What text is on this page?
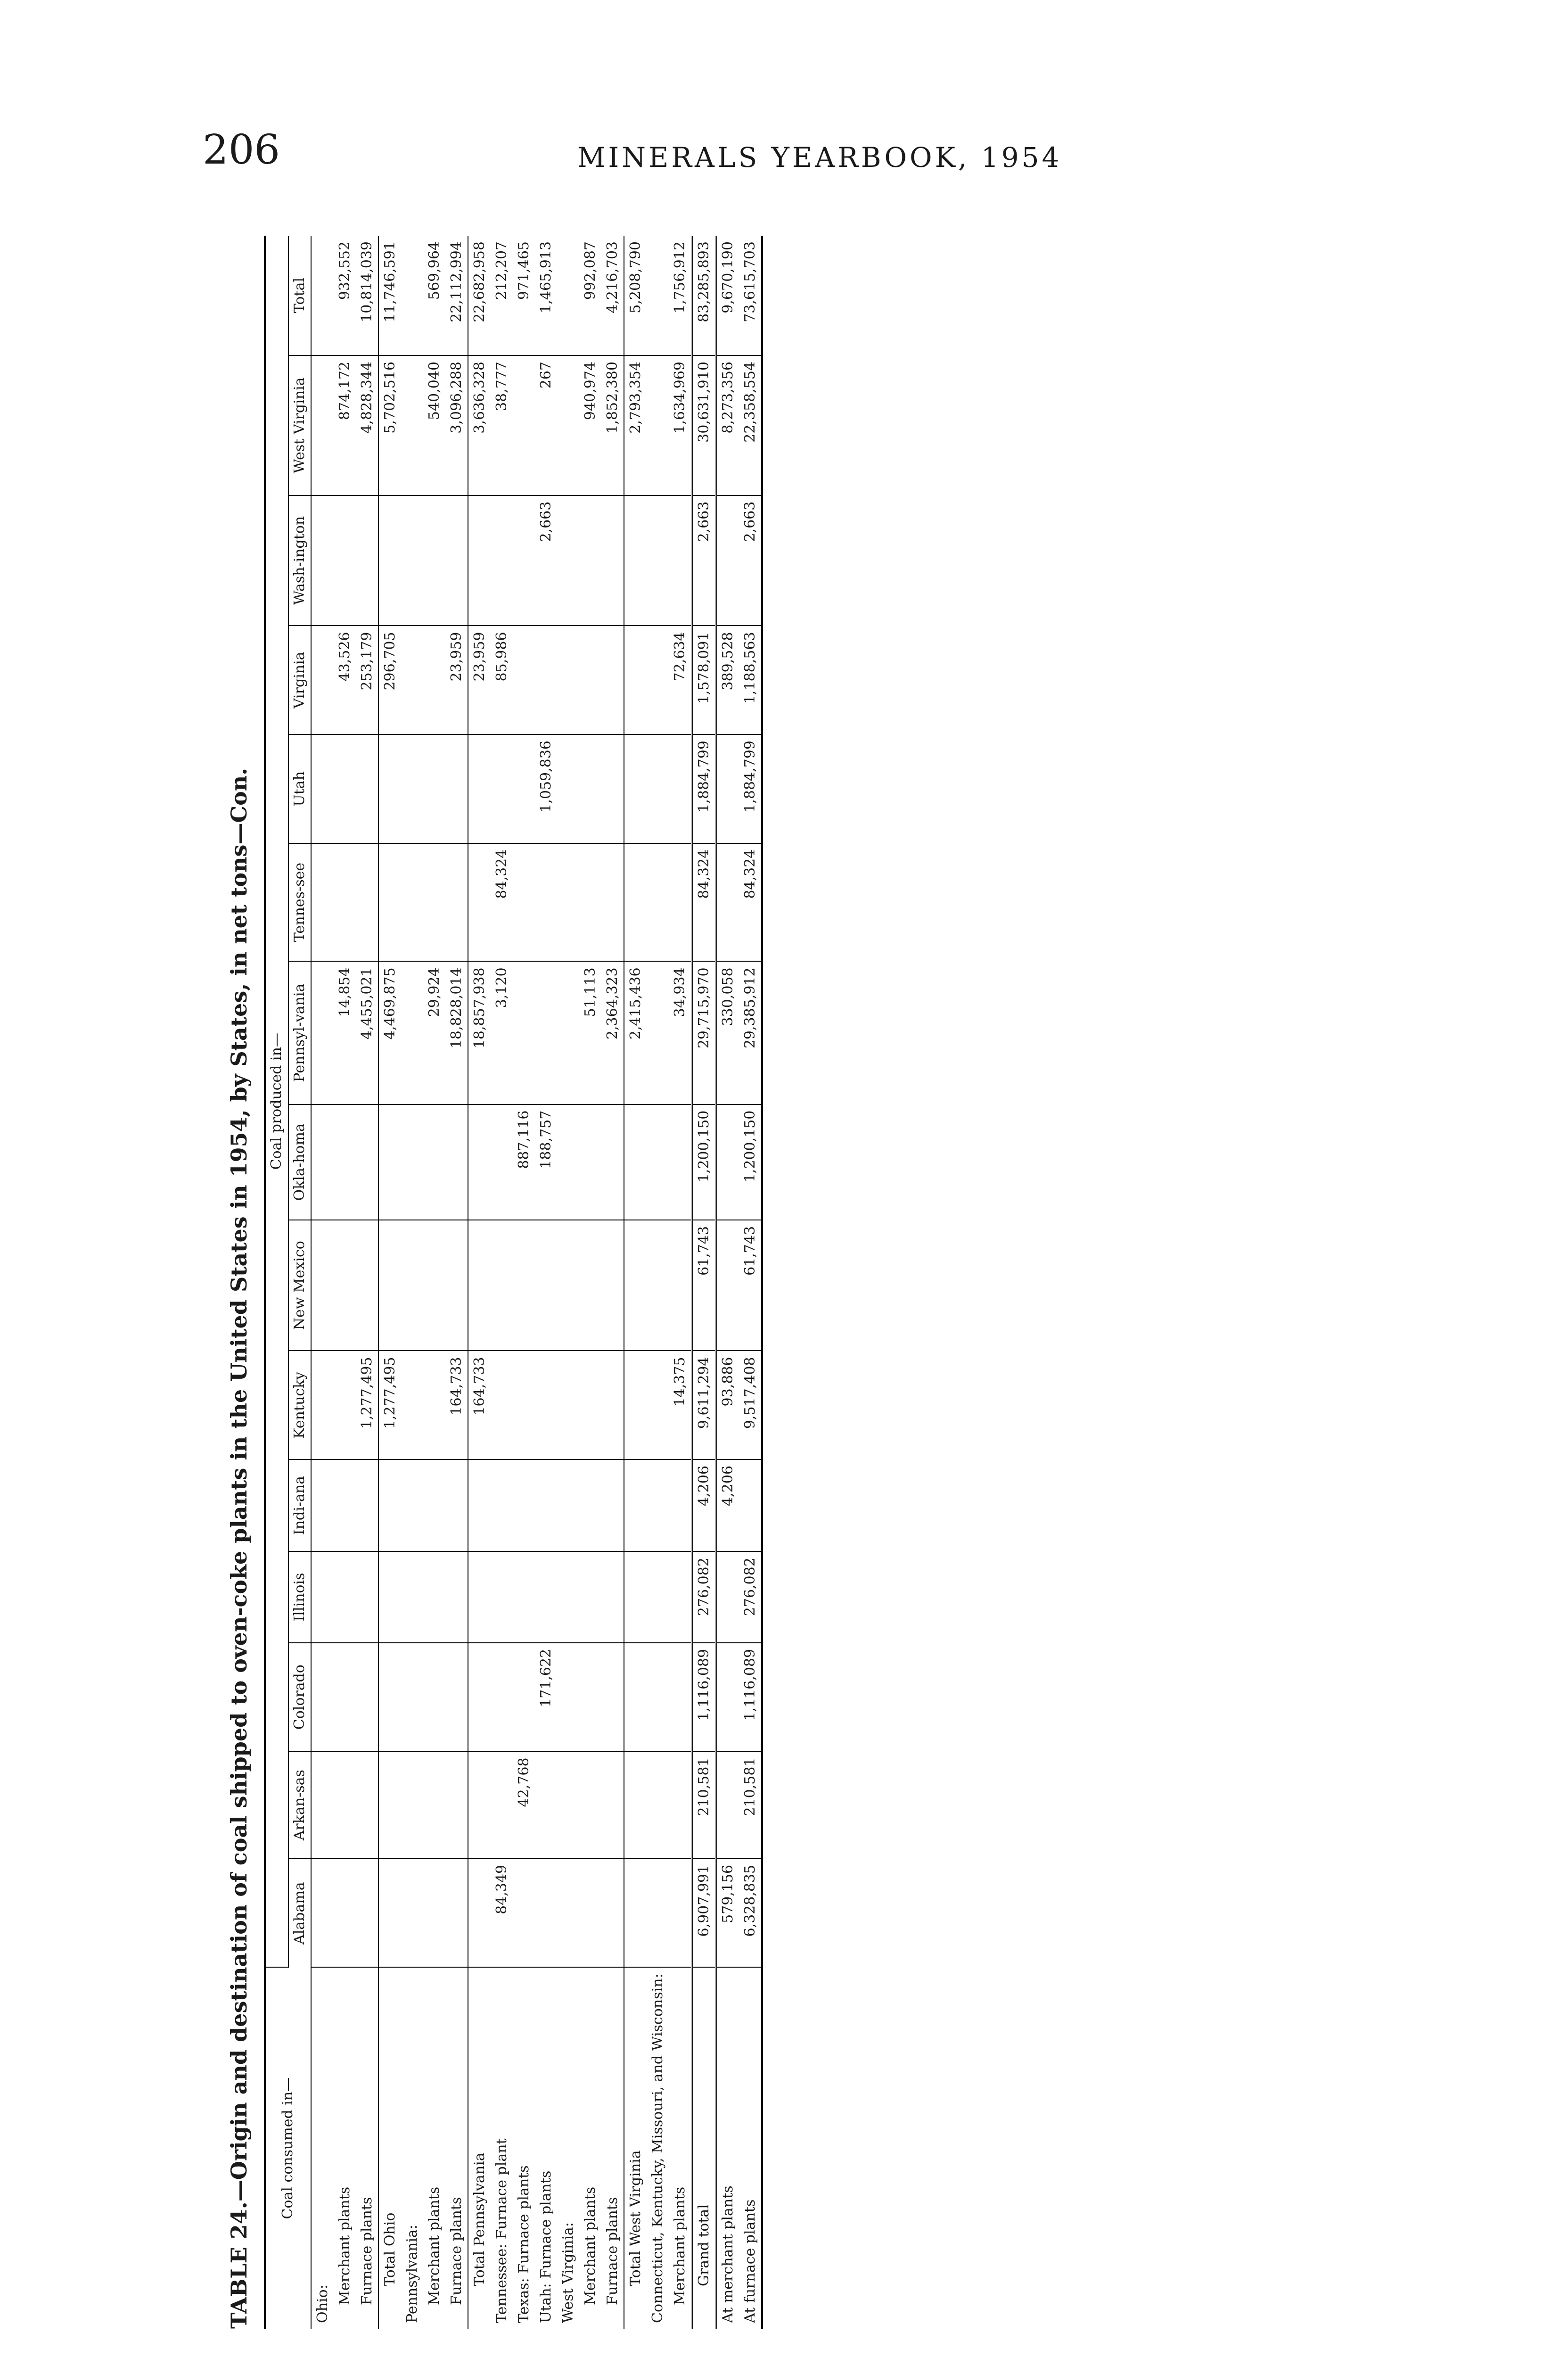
206	MINERALS YEARBOOK, 1954
TABLE 24.—Origin and destination of coal shipped to oven-coke plants in the United States in 1954, by States, in net tons—Con.	Coal consumed in—	Coal produced in—														
	Alabama	Arkan-sas	Colorado	Illinois	Indi-ana	Kentucky	New Mexico	Okla-homa	Pennsyl-vania	Tennes-see	Utah	Virginia	Wash-ington	West Virginia	Total
Ohio:															
Merchant plants									14,854			43,526		874,172	932,552
Furnace plants						1,277,495			4,455,021			253,179		4,828,344	10,814,039
Total Ohio						1,277,495			4,469,875			296,705		5,702,516	11,746,591
Pennsylvania:															
Merchant plants									29,924					540,040	569,964
Furnace plants						164,733			18,828,014			23,959		3,096,288	22,112,994
Total Pennsylvania						164,733			18,857,938			23,959		3,636,328	22,682,958
Tennessee: Furnace plant	84,349								3,120	84,324		85,986		38,777	212,207
Texas: Furnace plants		42,768						887,116							971,465
Utah: Furnace plants			171,622					188,757			1,059,836		2,663	267	1,465,913
West Virginia:															
Merchant plants									51,113					940,974	992,087
Furnace plants									2,364,323					1,852,380	4,216,703
Total West Virginia									2,415,436					2,793,354	5,208,790
Connecticut, Kentucky, Missouri, and Wisconsin:															
Merchant plants						14,375			34,934			72,634		1,634,969	1,756,912
Grand total	6,907,991	210,581	1,116,089	276,082	4,206	9,611,294	61,743	1,200,150	29,715,970	84,324	1,884,799	1,578,091	2,663	30,631,910	83,285,893
At merchant plants	579,156				4,206	93,886			330,058			389,528		8,273,356	9,670,190
At furnace plants	6,328,835	210,581	1,116,089	276,082		9,517,408	61,743	1,200,150	29,385,912	84,324	1,884,799	1,188,563	2,663	22,358,554	73,615,703
